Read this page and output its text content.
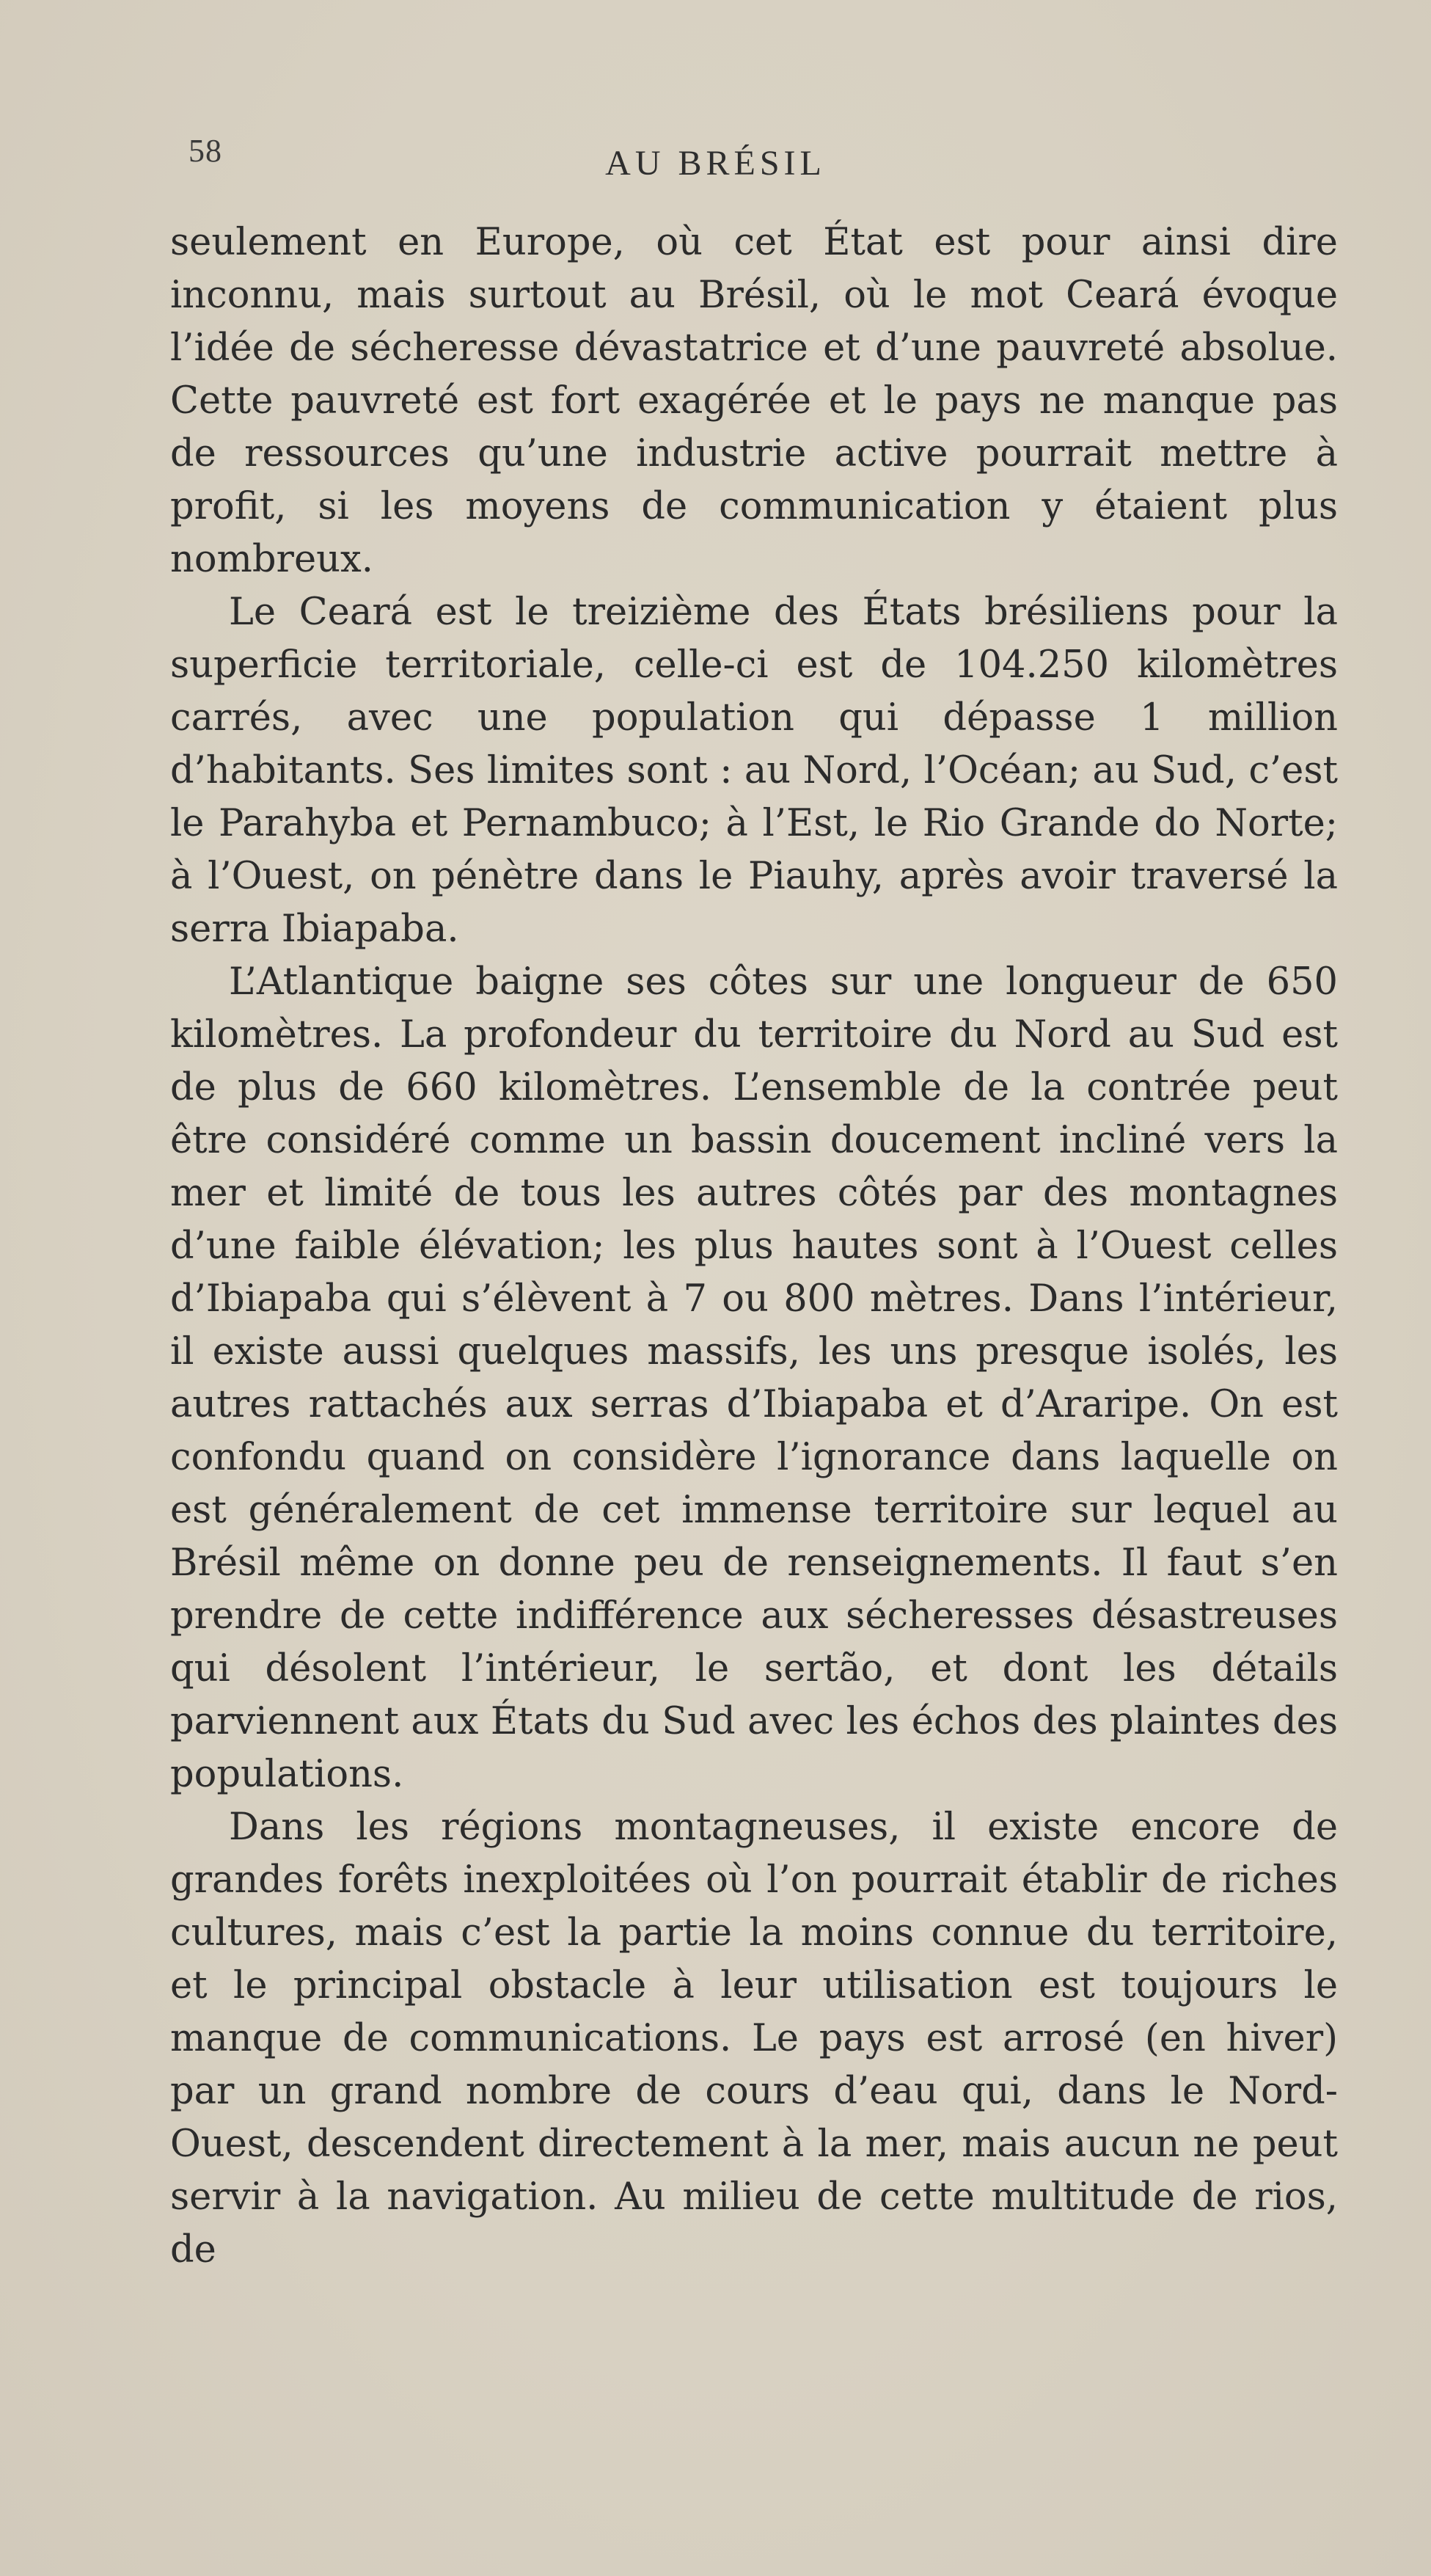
58	AU BRÉSIL

seulement en Europe, où cet État est pour ainsi dire inconnu, mais surtout au Brésil, où le mot Ceará évoque l’idée de sécheresse dévastatrice et d’une pauvreté absolue. Cette pauvreté est fort exagérée et le pays ne manque pas de ressources qu’une industrie active pourrait mettre à profit, si les moyens de communication y étaient plus nombreux.

Le Ceará est le treizième des États brésiliens pour la superficie territoriale, celle-ci est de 104.250 kilomètres carrés, avec une population qui dépasse 1 million d’habitants. Ses limites sont : au Nord, l’Océan; au Sud, c’est le Parahyba et Pernambuco; à l’Est, le Rio Grande do Norte; à l’Ouest, on pénètre dans le Piauhy, après avoir traversé la serra Ibiapaba.

L’Atlantique baigne ses côtes sur une longueur de 650 kilomètres. La profondeur du territoire du Nord au Sud est de plus de 660 kilomètres. L’ensemble de la contrée peut être considéré comme un bassin doucement incliné vers la mer et limité de tous les autres côtés par des montagnes d’une faible élévation; les plus hautes sont à l’Ouest celles d’Ibiapaba qui s’élèvent à 7 ou 800 mètres. Dans l’intérieur, il existe aussi quelques massifs, les uns presque isolés, les autres rattachés aux serras d’Ibiapaba et d’Araripe. On est confondu quand on considère l’ignorance dans laquelle on est généralement de cet immense territoire sur lequel au Brésil même on donne peu de renseignements. Il faut s’en prendre de cette indifférence aux sécheresses désastreuses qui désolent l’intérieur, le sertão, et dont les détails parviennent aux États du Sud avec les échos des plaintes des populations.

Dans les régions montagneuses, il existe encore de grandes forêts inexploitées où l’on pourrait établir de riches cultures, mais c’est la partie la moins connue du territoire, et le principal obstacle à leur utilisation est toujours le manque de communications. Le pays est arrosé (en hiver) par un grand nombre de cours d’eau qui, dans le Nord-Ouest, descendent directement à la mer, mais aucun ne peut servir à la navigation. Au milieu de cette multitude de rios, de
